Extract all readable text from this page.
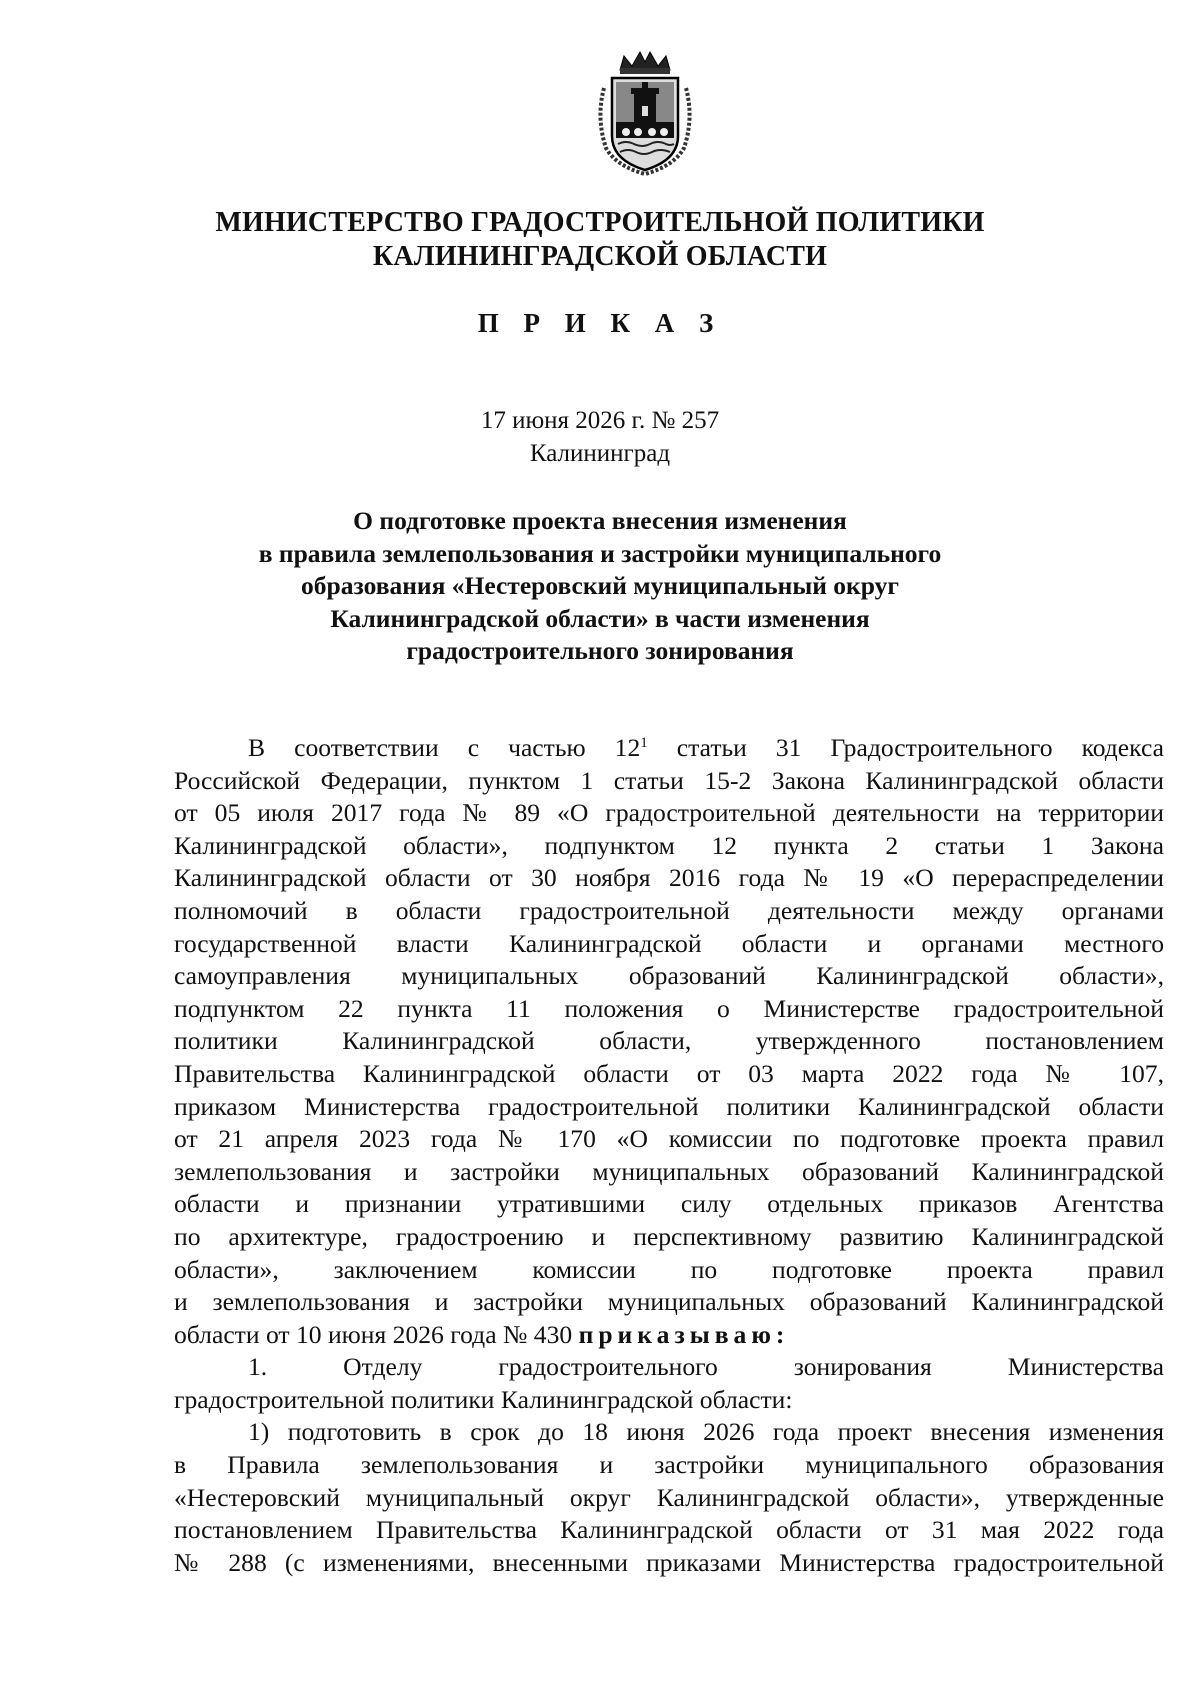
МИНИСТЕРСТВО ГРАДОСТРОИТЕЛЬНОЙ ПОЛИТИКИ
КАЛИНИНГРАДСКОЙ ОБЛАСТИ
П Р И К А З
17 июня 2026 г. № 257
Калининград
О подготовке проекта внесения изменения
в правила землепользования и застройки муниципального
образования «Нестеровский муниципальный округ
Калининградской области» в части изменения
градостроительного зонирования
В соответствии с частью $12^1$ статьи 31 Градостроительного кодекса
Российской Федерации, пунктом 1 статьи 15-2 Закона Калининградской области
от 05 июля 2017 года № 89 «О градостроительной деятельности на территории
Калининградской области», подпунктом 12 пункта 2 статьи 1 Закона
Калининградской области от 30 ноября 2016 года № 19 «О перераспределении
полномочий в области градостроительной деятельности между органами
государственной власти Калининградской области и органами местного
самоуправления муниципальных образований Калининградской области»,
подпунктом 22 пункта 11 положения о Министерстве градостроительной
политики Калининградской области, утвержденного постановлением
Правительства Калининградской области от 03 марта 2022 года № 107,
приказом Министерства градостроительной политики Калининградской области
от 21 апреля 2023 года № 170 «О комиссии по подготовке проекта правил
землепользования и застройки муниципальных образований Калининградской
области и признании утратившими силу отдельных приказов Агентства
по архитектуре, градостроению и перспективному развитию Калининградской
области», заключением комиссии по подготовке проекта правил
и землепользования и застройки муниципальных образований Калининградской
области от 10 июня 2026 года № 430 приказываю:
1. Отделу градостроительного зонирования Министерства
градостроительной политики Калининградской области:
1) подготовить в срок до 18 июня 2026 года проект внесения изменения
в Правила землепользования и застройки муниципального образования
«Нестеровский муниципальный округ Калининградской области», утвержденные
постановлением Правительства Калининградской области от 31 мая 2022 года
№ 288 (с изменениями, внесенными приказами Министерства градостроительной
